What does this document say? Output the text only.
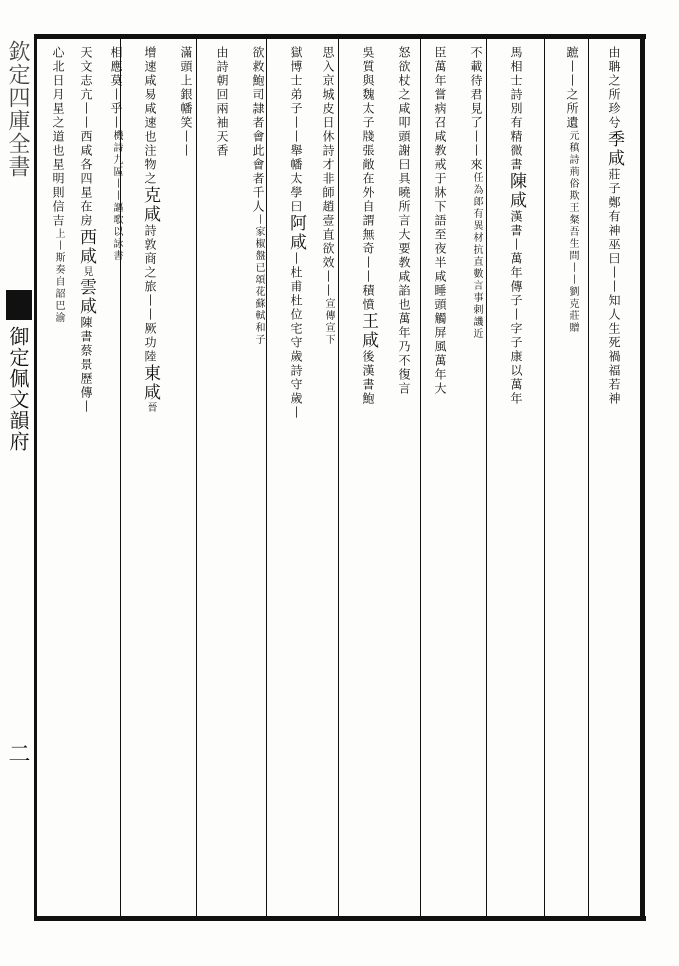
欽定四庫全書
御定佩文韻府
二
由聃之所珍兮季咸莊子鄭有神巫曰丨丨知人生死禍福若神
蹠丨丨之所遺元稹詩荊俗欺王粲吾生問丨丨劉克莊贈
馬相士詩別有精微書陳咸漢書丨萬年傳子丨字子康以萬年
不載待君見了丨丨來任為郎有異材抗直數言事刺譏近
臣萬年嘗病召咸教戒于牀下語至夜半咸睡頭觸屏風萬年大
怒欲杖之咸叩頭謝曰具曉所言大要教咸諂也萬年乃不復言
吳質與魏太子牋張敞在外自謂無奇丨丨積憤王咸後漢書鮑
思入京城皮日休詩才非師趙壹直欲效丨丨宣傳宣下
獄博士弟子丨丨舉幡太學曰阿咸丨杜甫杜位宅守歲詩守歲丨
欲救鮑司隷者會此會者千人丨家椒盤已頌花蘇軾和子
由詩朝回兩袖天香
滿頭上銀幡笑丨丨
增速咸易咸速也注物之克咸詩敦商之旅丨丨厥功陸東咸晉
相應莫丨乎丨機詩九區丨丨謳歌以詠書
天文志亢丨丨西咸各四星在房西咸見雲咸陳書蔡景歷傳丨
心北日月星之道也星明則信吉上丨斯奏自韶巴渝
